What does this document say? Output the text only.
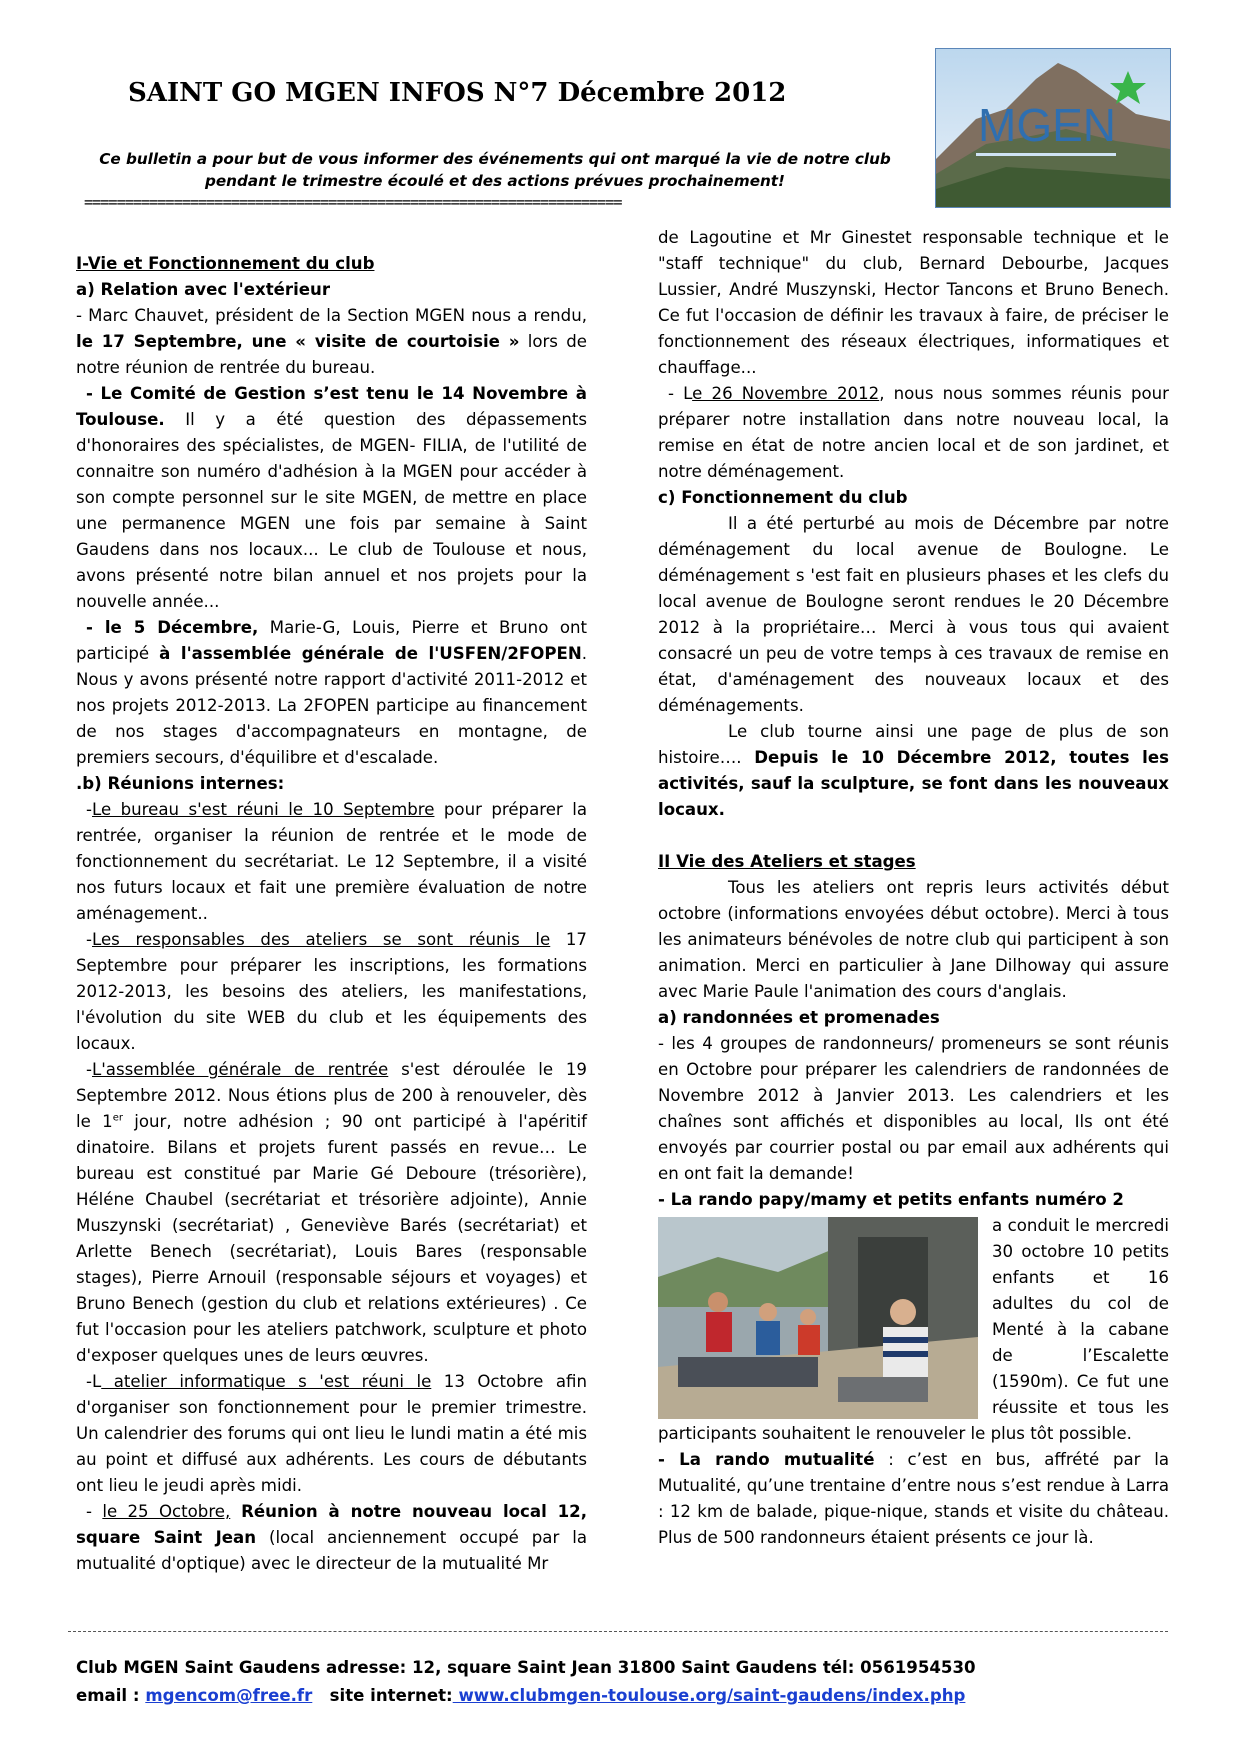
SAINT GO MGEN INFOS N°7 Décembre 2012
MGEN
Ce bulletin a pour but de vous informer des événements qui ont marqué la vie de notre club pendant le trimestre écoulé et des actions prévues prochainement!
==================================================================

I-Vie et Fonctionnement du club

a) Relation avec l'extérieur

- Marc Chauvet, président de la Section MGEN nous a rendu, le 17 Septembre, une « visite de courtoisie » lors de notre réunion de rentrée du bureau.

- Le Comité de Gestion s’est tenu le 14 Novembre à Toulouse. Il y a été question des dépassements d'honoraires des spécialistes, de MGEN- FILIA, de l'utilité de connaitre son numéro d'adhésion à la MGEN pour accéder à son compte personnel sur le site MGEN, de mettre en place une permanence MGEN une fois par semaine à Saint Gaudens dans nos locaux... Le club de Toulouse et nous, avons présenté notre bilan annuel et nos projets pour la nouvelle année...

- le 5 Décembre, Marie-G, Louis, Pierre et Bruno ont participé à l'assemblée générale de l'USFEN/2FOPEN. Nous y avons présenté notre rapport d'activité 2011-2012 et nos projets 2012-2013. La 2FOPEN participe au financement de nos stages d'accompagnateurs en montagne, de premiers secours, d'équilibre et d'escalade.

.b) Réunions internes:

-Le bureau s'est réuni le 10 Septembre pour préparer la rentrée, organiser la réunion de rentrée et le mode de fonctionnement du secrétariat. Le 12 Septembre, il a visité nos futurs locaux et fait une première évaluation de notre aménagement..

-Les responsables des ateliers se sont réunis le 17 Septembre pour préparer les inscriptions, les formations 2012-2013, les besoins des ateliers, les manifestations, l'évolution du site WEB du club et les équipements des locaux.

-L'assemblée générale de rentrée s'est déroulée le 19 Septembre 2012. Nous étions plus de 200 à renouveler, dès le 1er jour, notre adhésion ; 90 ont participé à l'apéritif dinatoire. Bilans et projets furent passés en revue… Le bureau est constitué par Marie Gé Deboure (trésorière), Héléne Chaubel (secrétariat et trésorière adjointe), Annie Muszynski (secrétariat) , Geneviève Barés (secrétariat) et Arlette Benech (secrétariat), Louis Bares (responsable stages), Pierre Arnouil (responsable séjours et voyages) et Bruno Benech (gestion du club et relations extérieures) . Ce fut l'occasion pour les ateliers patchwork, sculpture et photo d'exposer quelques unes de leurs œuvres.

-L atelier informatique s 'est réuni le 13 Octobre afin d'organiser son fonctionnement pour le premier trimestre. Un calendrier des forums qui ont lieu le lundi matin a été mis au point et diffusé aux adhérents. Les cours de débutants ont lieu le jeudi après midi.

- le 25 Octobre, Réunion à notre nouveau local 12, square Saint Jean (local anciennement occupé par la mutualité d'optique) avec le directeur de la mutualité Mr

de Lagoutine et Mr Ginestet responsable technique et le "staff technique" du club, Bernard Debourbe, Jacques Lussier, André Muszynski, Hector Tancons et Bruno Benech. Ce fut l'occasion de définir les travaux à faire, de préciser le fonctionnement des réseaux électriques, informatiques et chauffage...

- Le 26 Novembre 2012, nous nous sommes réunis pour préparer notre installation dans notre nouveau local, la remise en état de notre ancien local et de son jardinet, et notre déménagement.

c) Fonctionnement du club

Il a été perturbé au mois de Décembre par notre déménagement du local avenue de Boulogne. Le déménagement s 'est fait en plusieurs phases et les clefs du local avenue de Boulogne seront rendues le 20 Décembre 2012 à la propriétaire… Merci à vous tous qui avaient consacré un peu de votre temps à ces travaux de remise en état, d'aménagement des nouveaux locaux et des déménagements.

Le club tourne ainsi une page de plus de son histoire…. Depuis le 10 Décembre 2012, toutes les activités, sauf la sculpture, se font dans les nouveaux locaux.

II Vie des Ateliers et stages

Tous les ateliers ont repris leurs activités début octobre (informations envoyées début octobre). Merci à tous les animateurs bénévoles de notre club qui participent à son animation. Merci en particulier à Jane Dilhoway qui assure avec Marie Paule l'animation des cours d'anglais.

a) randonnées et promenades

- les 4 groupes de randonneurs/ promeneurs se sont réunis en Octobre pour préparer les calendriers de randonnées de Novembre 2012 à Janvier 2013. Les calendriers et les chaînes sont affichés et disponibles au local, Ils ont été envoyés par courrier postal ou par email aux adhérents qui en ont fait la demande!

- La rando papy/mamy et petits enfants numéro 2

a conduit le mercredi 30 octobre 10 petits enfants et 16 adultes du col de Menté à la cabane de l’Escalette (1590m). Ce fut une réussite et tous les participants souhaitent le renouveler le plus tôt possible.

- La rando mutualité : c’est en bus, affrété par la Mutualité, qu’une trentaine d’entre nous s’est rendue à Larra : 12 km de balade, pique-nique, stands et visite du château. Plus de 500 randonneurs étaient présents ce jour là.

Club MGEN Saint Gaudens adresse: 12, square Saint Jean 31800 Saint Gaudens tél: 0561954530
email : mgencom@free.fr   site internet: www.clubmgen-toulouse.org/saint-gaudens/index.php
